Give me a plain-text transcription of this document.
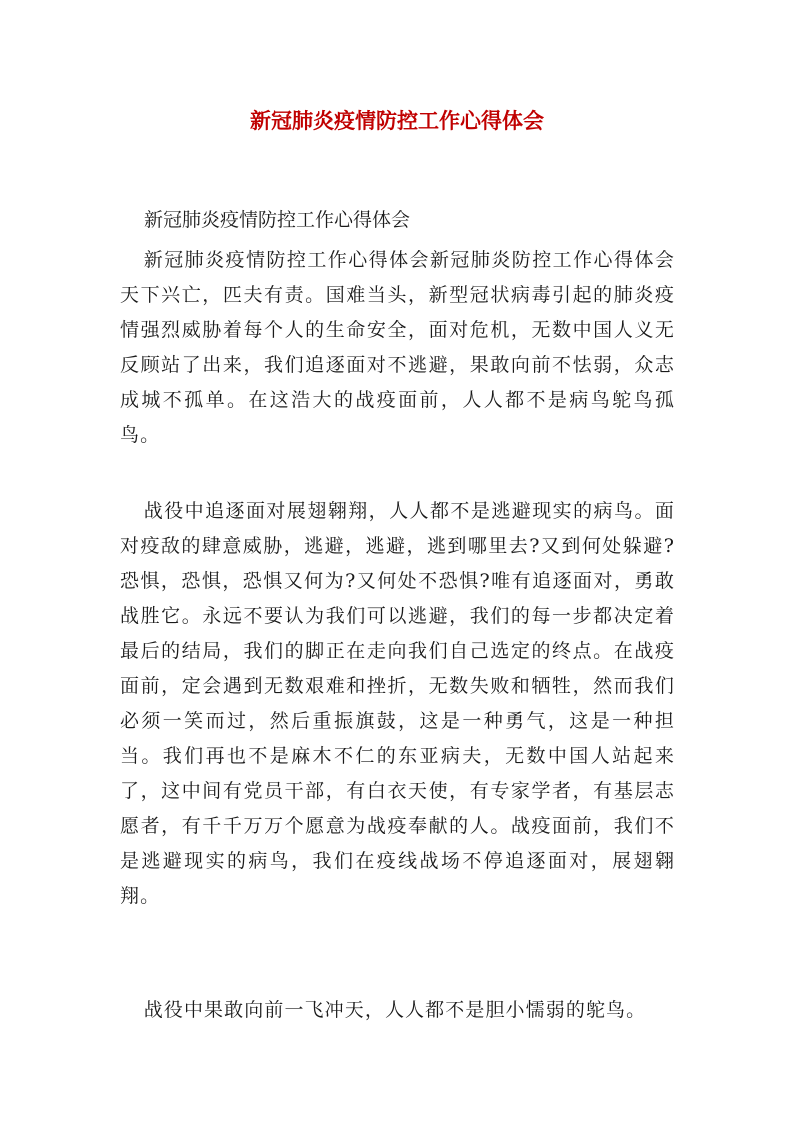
新冠肺炎疫情防控工作心得体会

新冠肺炎疫情防控工作心得体会

新冠肺炎疫情防控工作心得体会新冠肺炎防控工作心得体会天下兴亡，匹夫有责。国难当头，新型冠状病毒引起的肺炎疫情强烈威胁着每个人的生命安全，面对危机，无数中国人义无反顾站了出来，我们追逐面对不逃避，果敢向前不怯弱，众志成城不孤单。在这浩大的战疫面前，人人都不是病鸟鸵鸟孤鸟。

战役中追逐面对展翅翱翔，人人都不是逃避现实的病鸟。面对疫敌的肆意威胁，逃避，逃避，逃到哪里去?又到何处躲避?恐惧，恐惧，恐惧又何为?又何处不恐惧?唯有追逐面对，勇敢战胜它。永远不要认为我们可以逃避，我们的每一步都决定着最后的结局，我们的脚正在走向我们自己选定的终点。在战疫面前，定会遇到无数艰难和挫折，无数失败和牺牲，然而我们必须一笑而过，然后重振旗鼓，这是一种勇气，这是一种担当。我们再也不是麻木不仁的东亚病夫，无数中国人站起来了，这中间有党员干部，有白衣天使，有专家学者，有基层志愿者，有千千万万个愿意为战疫奉献的人。战疫面前，我们不是逃避现实的病鸟，我们在疫线战场不停追逐面对，展翅翱翔。

战役中果敢向前一飞冲天，人人都不是胆小懦弱的鸵鸟。
